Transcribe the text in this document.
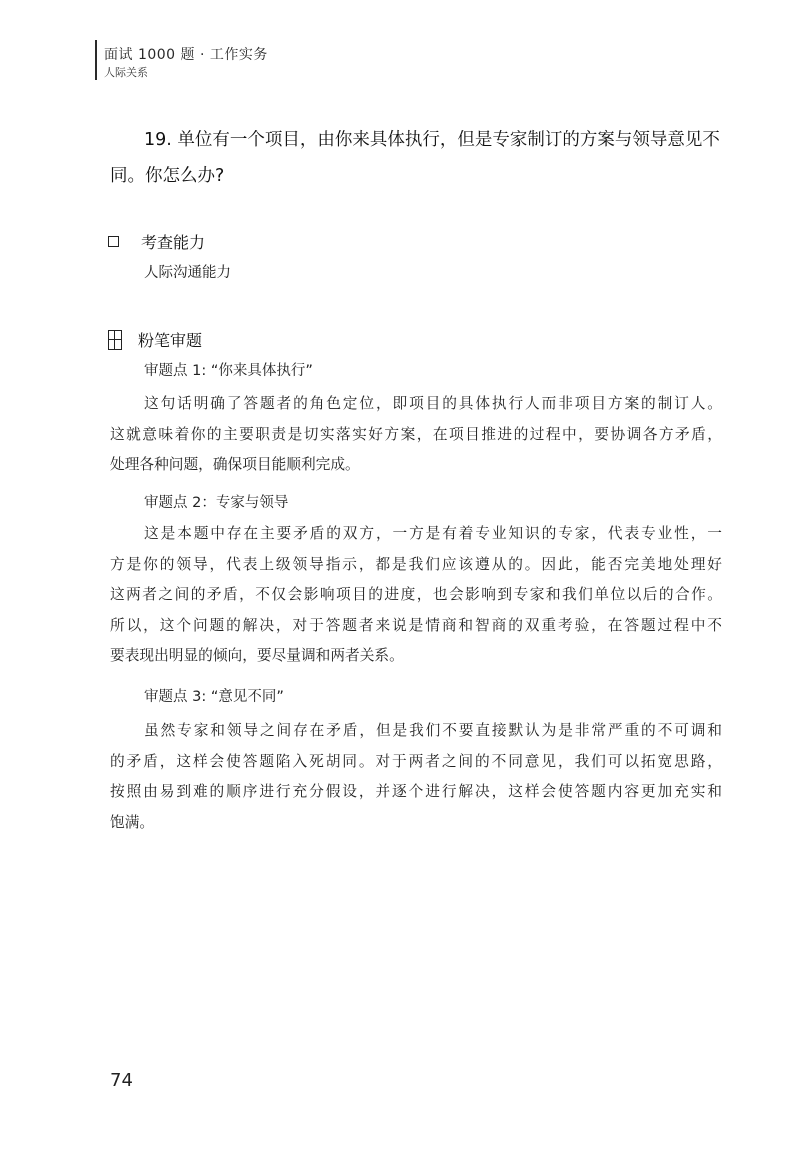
面试 1000 题 · 工作实务
人际关系
19. 单位有一个项目，由你来具体执行，但是专家制订的方案与领导意见不
同。你怎么办?
考查能力
人际沟通能力
粉笔审题
审题点 1: “你来具体执行”
这句话明确了答题者的角色定位，即项目的具体执行人而非项目方案的制订人。
这就意味着你的主要职责是切实落实好方案，在项目推进的过程中，要协调各方矛盾，
处理各种问题，确保项目能顺利完成。
审题点 2：专家与领导
这是本题中存在主要矛盾的双方，一方是有着专业知识的专家，代表专业性，一
方是你的领导，代表上级领导指示，都是我们应该遵从的。因此，能否完美地处理好
这两者之间的矛盾，不仅会影响项目的进度，也会影响到专家和我们单位以后的合作。
所以，这个问题的解决，对于答题者来说是情商和智商的双重考验，在答题过程中不
要表现出明显的倾向，要尽量调和两者关系。
审题点 3: “意见不同”
虽然专家和领导之间存在矛盾，但是我们不要直接默认为是非常严重的不可调和
的矛盾，这样会使答题陷入死胡同。对于两者之间的不同意见，我们可以拓宽思路，
按照由易到难的顺序进行充分假设，并逐个进行解决，这样会使答题内容更加充实和
饱满。
74
